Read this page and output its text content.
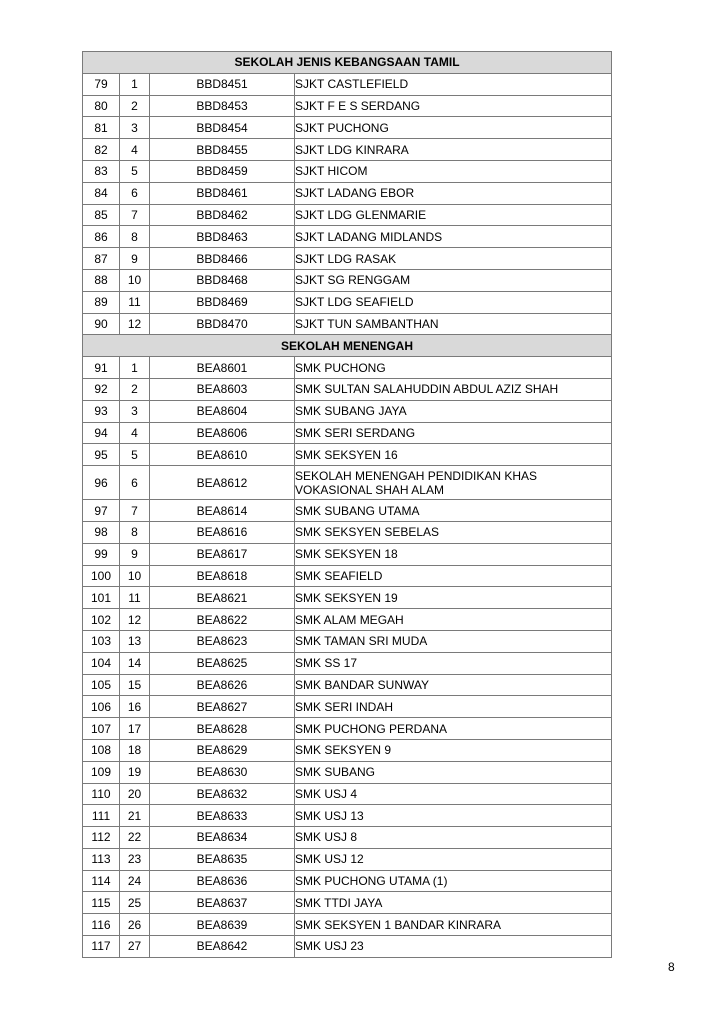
SEKOLAH JENIS KEBANGSAAN TAMIL			
79	1	BBD8451	SJKT CASTLEFIELD
80	2	BBD8453	SJKT F E S SERDANG
81	3	BBD8454	SJKT PUCHONG
82	4	BBD8455	SJKT LDG KINRARA
83	5	BBD8459	SJKT HICOM
84	6	BBD8461	SJKT LADANG EBOR
85	7	BBD8462	SJKT LDG GLENMARIE
86	8	BBD8463	SJKT LADANG MIDLANDS
87	9	BBD8466	SJKT LDG RASAK
88	10	BBD8468	SJKT SG RENGGAM
89	11	BBD8469	SJKT LDG SEAFIELD
90	12	BBD8470	SJKT TUN SAMBANTHAN
SEKOLAH MENENGAH			
91	1	BEA8601	SMK PUCHONG
92	2	BEA8603	SMK SULTAN SALAHUDDIN ABDUL AZIZ SHAH
93	3	BEA8604	SMK SUBANG JAYA
94	4	BEA8606	SMK SERI SERDANG
95	5	BEA8610	SMK SEKSYEN 16
96	6	BEA8612	SEKOLAH MENENGAH PENDIDIKAN KHAS
VOKASIONAL SHAH ALAM

97	7	BEA8614	SMK SUBANG UTAMA
98	8	BEA8616	SMK SEKSYEN SEBELAS
99	9	BEA8617	SMK SEKSYEN 18
100	10	BEA8618	SMK SEAFIELD
101	11	BEA8621	SMK SEKSYEN 19
102	12	BEA8622	SMK ALAM MEGAH
103	13	BEA8623	SMK TAMAN SRI MUDA
104	14	BEA8625	SMK SS 17
105	15	BEA8626	SMK BANDAR SUNWAY
106	16	BEA8627	SMK SERI INDAH
107	17	BEA8628	SMK PUCHONG PERDANA
108	18	BEA8629	SMK SEKSYEN 9
109	19	BEA8630	SMK SUBANG
110	20	BEA8632	SMK USJ 4
111	21	BEA8633	SMK USJ 13
112	22	BEA8634	SMK USJ 8
113	23	BEA8635	SMK USJ 12
114	24	BEA8636	SMK PUCHONG UTAMA (1)
115	25	BEA8637	SMK TTDI JAYA
116	26	BEA8639	SMK SEKSYEN 1 BANDAR KINRARA
117	27	BEA8642	SMK USJ 23
8
